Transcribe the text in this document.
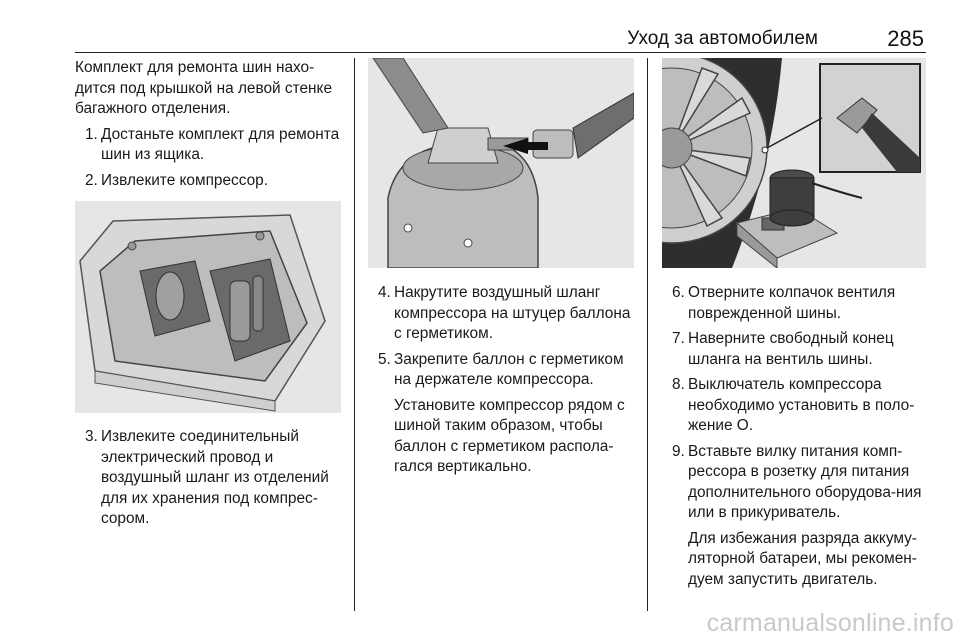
Уход за автомобилем	285
Комплект для ремонта шин нахо-дится под крышкой на левой стенке багажного отделения.
1. Достаньте комплект для ремонта шин из ящика.
2. Извлеките компрессор.
3. Извлеките соединительный электрический провод и воздушный шланг из отделений для их хранения под компрес-сором.
4. Накрутите воздушный шланг компрессора на штуцер баллона с герметиком.
5. Закрепите баллон с герметиком на держателе компрессора.
Установите компрессор рядом с шиной таким образом, чтобы баллон с герметиком распола-гался вертикально.
6. Отверните колпачок вентиля поврежденной шины.
7. Наверните свободный конец шланга на вентиль шины.
8. Выключатель компрессора необходимо установить в поло-жение О.
9. Вставьте вилку питания комп-рессора в розетку для питания дополнительного оборудова-ния или в прикуриватель.
Для избежания разряда аккуму-ляторной батареи, мы рекомен-дуем запустить двигатель.
carmanualsonline.info
